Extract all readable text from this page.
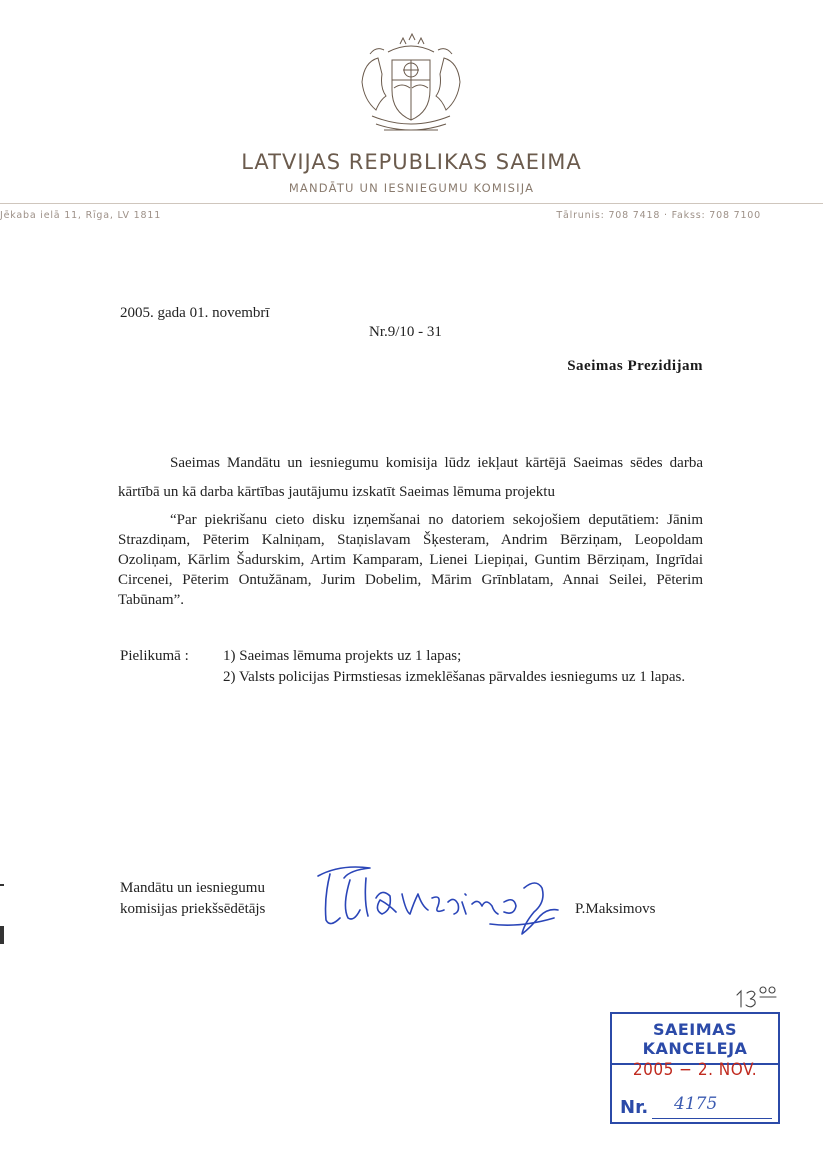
LATVIJAS REPUBLIKAS SAEIMA
MANDĀTU UN IESNIEGUMU KOMISIJA
Jēkaba ielā 11, Rīga, LV 1811	Tālrunis: 708 7418 · Fakss: 708 7100
2005. gada 01. novembrī
Nr.9/10 - 31
Saeimas Prezidijam
Saeimas Mandātu un iesniegumu komisija lūdz iekļaut kārtējā Saeimas sēdes darba kārtībā un kā darba kārtības jautājumu izskatīt Saeimas lēmuma projektu
“Par piekrišanu cieto disku izņemšanai no datoriem sekojošiem deputātiem: Jānim Strazdiņam, Pēterim Kalniņam, Staņislavam Šķesteram, Andrim Bērziņam, Leopoldam Ozoliņam, Kārlim Šadurskim, Artim Kamparam, Lienei Liepiņai, Guntim Bērziņam, Ingrīdai Circenei, Pēterim Ontužānam, Jurim Dobelim, Mārim Grīnblatam, Annai Seilei, Pēterim Tabūnam”.
Pielikumā : 1) Saeimas lēmuma projekts uz 1 lapas;
2) Valsts policijas Pirmstiesas izmeklēšanas pārvaldes iesniegums uz 1 lapas.
Mandātu un iesniegumu
komisijas priekšsēdētājs	P.Maksimovs
SAEIMAS KANCELEJA
2005 − 2. NOV.
Nr. 4175
